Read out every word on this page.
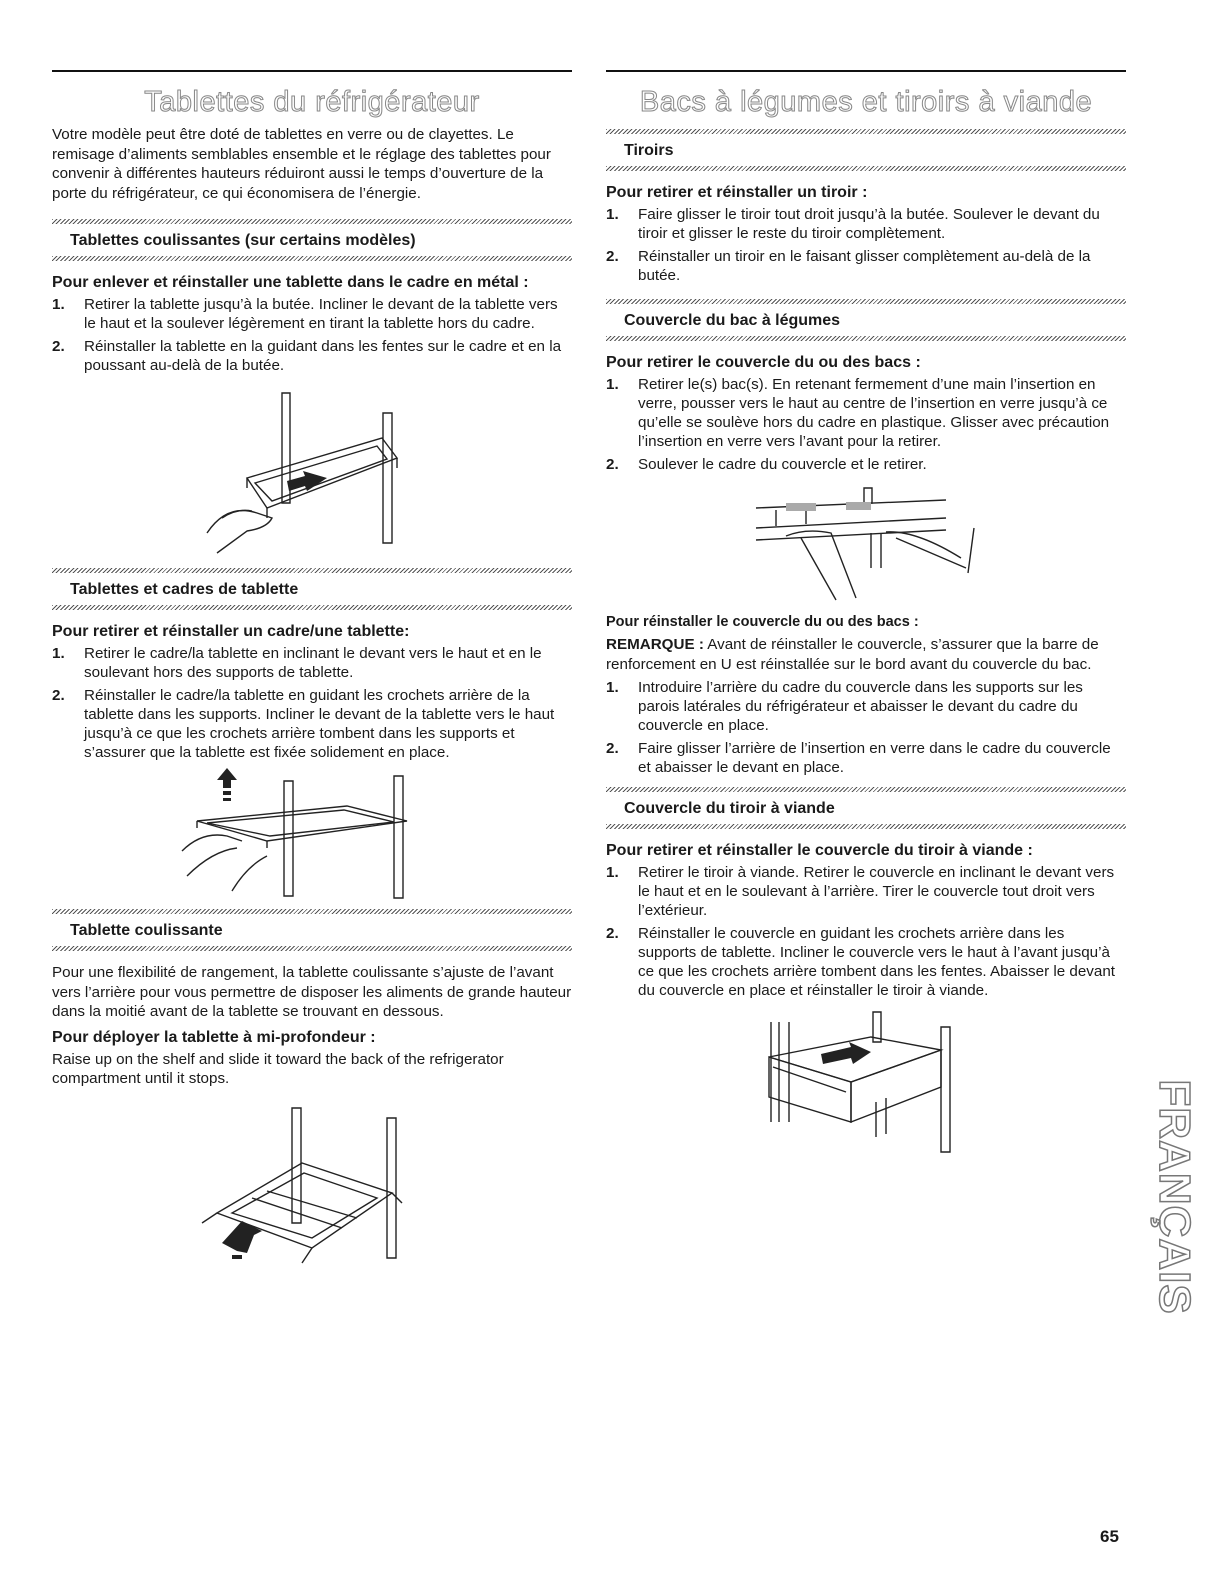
Tablettes du réfrigérateur

Votre modèle peut être doté de tablettes en verre ou de clayettes. Le remisage d’aliments semblables ensemble et le réglage des tablettes pour convenir à différentes hauteurs réduiront aussi le temps d’ouverture de la porte du réfrigérateur, ce qui économisera de l’énergie.

Tablettes coulissantes (sur certains modèles)
Pour enlever et réinstaller une tablette dans le cadre en métal :
1. Retirer la tablette jusqu’à la butée. Incliner le devant de la tablette vers le haut et la soulever légèrement en tirant la tablette hors du cadre.
2. Réinstaller la tablette en la guidant dans les fentes sur le cadre et en la poussant au-delà de la butée.
Tablettes et cadres de tablette
Pour retirer et réinstaller un cadre/une tablette:
1. Retirer le cadre/la tablette en inclinant le devant vers le haut et en le soulevant hors des supports de tablette.
2. Réinstaller le cadre/la tablette en guidant les crochets arrière de la tablette dans les supports. Incliner le devant de la tablette vers le haut jusqu’à ce que les crochets arrière tombent dans les supports et s’assurer que la tablette est fixée solidement en place.
Tablette coulissante

Pour une flexibilité de rangement, la tablette coulissante s’ajuste de l’avant vers l’arrière pour vous permettre de disposer les aliments de grande hauteur dans la moitié avant de la tablette se trouvant en dessous.

Pour déployer la tablette à mi-profondeur :

Raise up on the shelf and slide it toward the back of the refrigerator compartment until it stops.

Bacs à légumes et tiroirs à viande
Tiroirs
Pour retirer et réinstaller un tiroir :
1. Faire glisser le tiroir tout droit jusqu’à la butée. Soulever le devant du tiroir et glisser le reste du tiroir complètement.
2. Réinstaller un tiroir en le faisant glisser complètement au-delà de la butée.
Couvercle du bac à légumes
Pour retirer le couvercle du ou des bacs :
1. Retirer le(s) bac(s). En retenant fermement d’une main l’insertion en verre, pousser vers le haut au centre de l’insertion en verre jusqu’à ce qu’elle se soulève hors du cadre en plastique. Glisser avec précaution l’insertion en verre vers l’avant pour la retirer.
2. Soulever le cadre du couvercle et le retirer.
Pour réinstaller le couvercle du ou des bacs :

REMARQUE : Avant de réinstaller le couvercle, s’assurer que la barre de renforcement en U est réinstallée sur le bord avant du couvercle du bac.

1. Introduire l’arrière du cadre du couvercle dans les supports sur les parois latérales du réfrigérateur et abaisser le devant du cadre du couvercle en place.
2. Faire glisser l’arrière de l’insertion en verre dans le cadre du couvercle et abaisser le devant en place.
Couvercle du tiroir à viande
Pour retirer et réinstaller le couvercle du tiroir à viande :
1. Retirer le tiroir à viande. Retirer le couvercle en inclinant le devant vers le haut et en le soulevant à l’arrière. Tirer le couvercle tout droit vers l’extérieur.
2. Réinstaller le couvercle en guidant les crochets arrière dans les supports de tablette. Incliner le couvercle vers le haut à l’avant jusqu’à ce que les crochets arrière tombent dans les fentes. Abaisser le devant du couvercle en place et réinstaller le tiroir à viande.
FRANÇAIS
65
